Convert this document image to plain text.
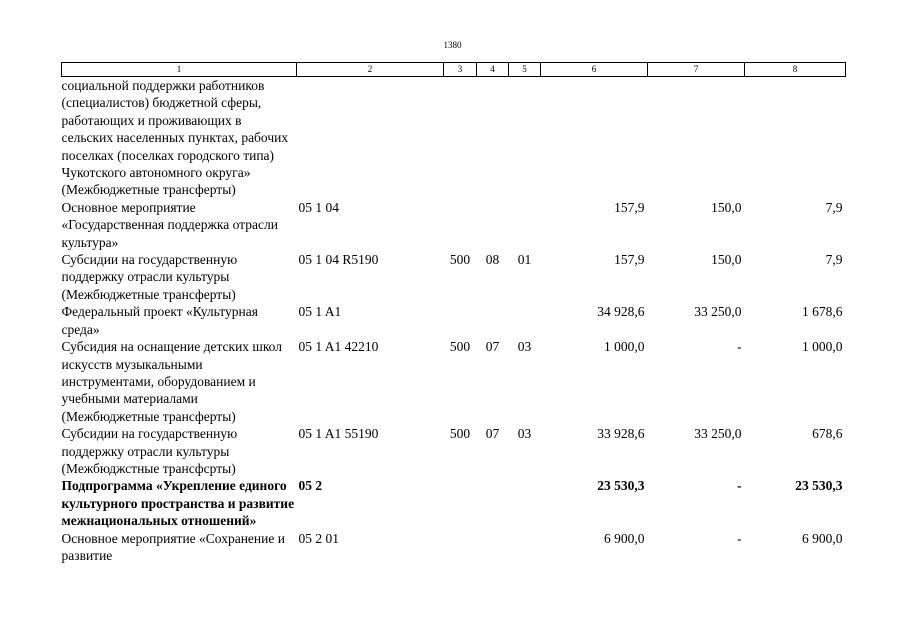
1380
1	2	3	4	5	6	7	8
социальной поддержки работников (специалистов) бюджетной сферы, работающих и проживающих в сельских населенных пунктах, рабочих поселках (поселках городского типа) Чукотского автономного округа» (Межбюджетные трансферты)							
Основное мероприятие «Государственная поддержка отрасли культура»	05 1 04				157,9	150,0	7,9
Субсидии на государственную поддержку отрасли культуры (Межбюджетные трансферты)	05 1 04 R5190	500	08	01	157,9	150,0	7,9
Федеральный проект «Культурная среда»	05 1 A1				34 928,6	33 250,0	1 678,6
Субсидия на оснащение детских школ искусств музыкальными инструментами, оборудованием и учебными материалами (Межбюджетные трансферты)	05 1 A1 42210	500	07	03	1 000,0	-	1 000,0
Субсидии на государственную поддержку отрасли культуры (Межбюджстные трансфсрты)	05 1 A1 55190	500	07	03	33 928,6	33 250,0	678,6
Подпрограмма «Укрепление единого культурного пространства и развитие межнациональных отношений»	05 2				23 530,3	-	23 530,3
Основное мероприятие «Сохранение и развитие	05 2 01				6 900,0	-	6 900,0
